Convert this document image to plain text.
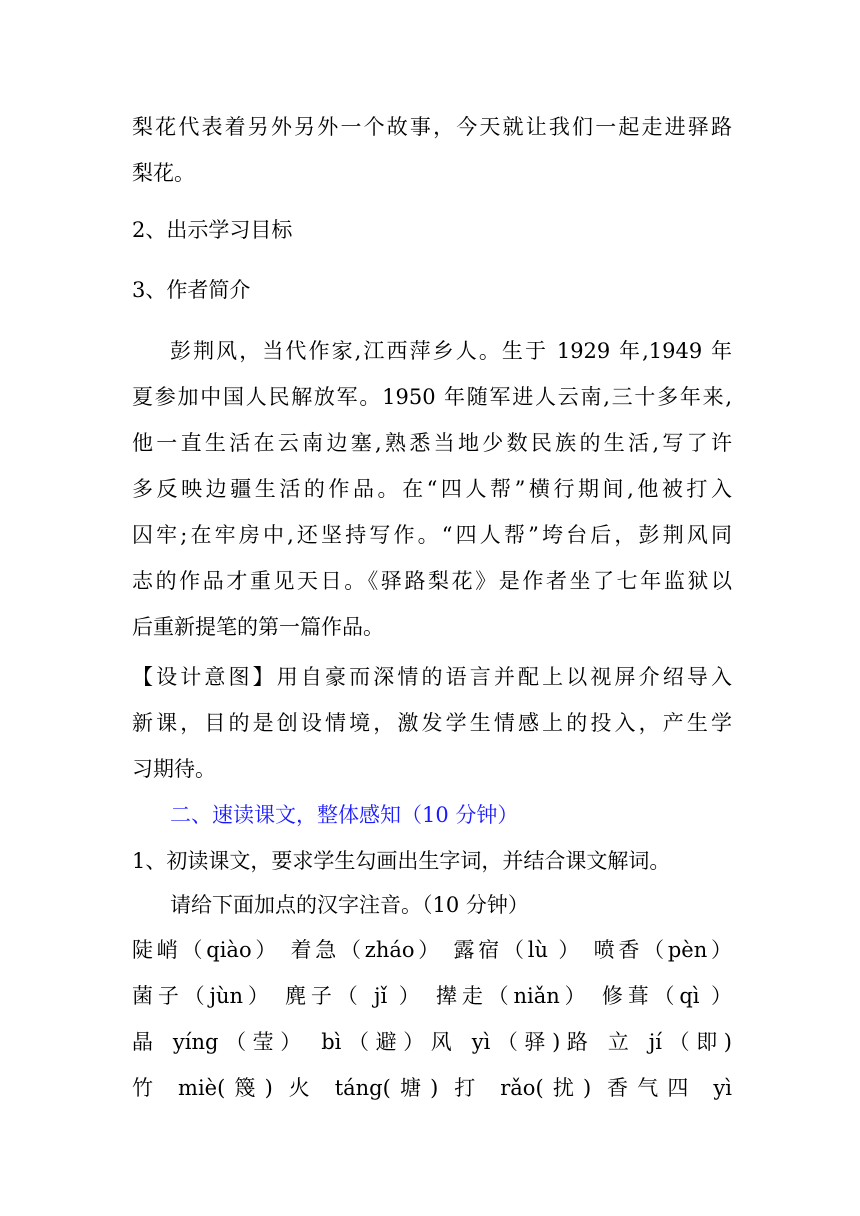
梨花代表着另外另外一个故事，今天就让我们一起走进驿路
梨花。
2、出示学习目标
3、作者简介
彭荆风，当代作家,江西萍乡人。生于 1929 年,1949 年
夏参加中国人民解放军。1950 年随军进人云南,三十多年来,
他一直生活在云南边塞,熟悉当地少数民族的生活,写了许
多反映边疆生活的作品。在“四人帮”横行期间,他被打入
囚牢;在牢房中,还坚持写作。“四人帮”垮台后，彭荆风同
志的作品才重见天日。《驿路梨花》是作者坐了七年监狱以
后重新提笔的第一篇作品。
【设计意图】用自豪而深情的语言并配上以视屏介绍导入
新课，目的是创设情境，激发学生情感上的投入，产生学
习期待。
二、速读课文，整体感知（10 分钟）
1、初读课文，要求学生勾画出生字词，并结合课文解词。
请给下面加点的汉字注音。（10 分钟）
陡峭（qiào） 着急（zháo） 露宿（lù ） 喷香（pèn）
菌子（jùn） 麂子（ jǐ ） 撵走（niǎn） 修葺（qì ）
晶 yíng（莹） bì（避）风 yì（驿)路 立 jí（即)
竹 miè(篾) 火 táng(塘) 打 rǎo(扰) 香气四 yì
